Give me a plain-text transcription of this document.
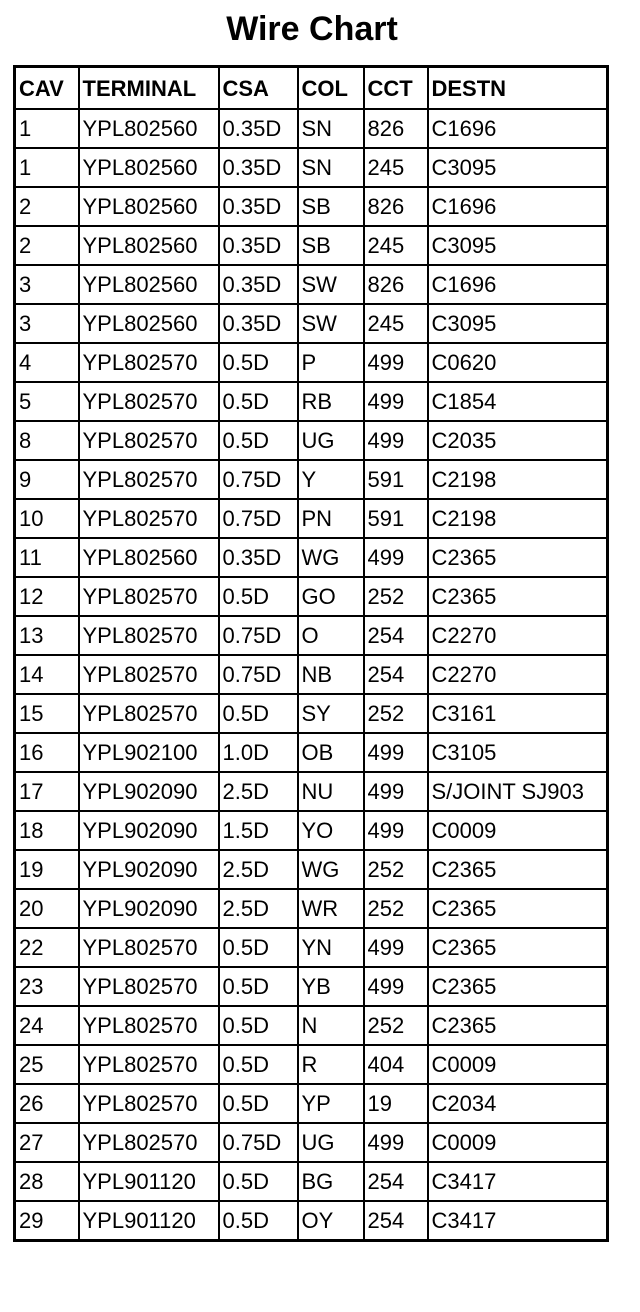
Wire Chart
CAV	TERMINAL	CSA	COL	CCT	DESTN
1	YPL802560	0.35D	SN	826	C1696
1	YPL802560	0.35D	SN	245	C3095
2	YPL802560	0.35D	SB	826	C1696
2	YPL802560	0.35D	SB	245	C3095
3	YPL802560	0.35D	SW	826	C1696
3	YPL802560	0.35D	SW	245	C3095
4	YPL802570	0.5D	P	499	C0620
5	YPL802570	0.5D	RB	499	C1854
8	YPL802570	0.5D	UG	499	C2035
9	YPL802570	0.75D	Y	591	C2198
10	YPL802570	0.75D	PN	591	C2198
11	YPL802560	0.35D	WG	499	C2365
12	YPL802570	0.5D	GO	252	C2365
13	YPL802570	0.75D	O	254	C2270
14	YPL802570	0.75D	NB	254	C2270
15	YPL802570	0.5D	SY	252	C3161
16	YPL902100	1.0D	OB	499	C3105
17	YPL902090	2.5D	NU	499	S/JOINT SJ903
18	YPL902090	1.5D	YO	499	C0009
19	YPL902090	2.5D	WG	252	C2365
20	YPL902090	2.5D	WR	252	C2365
22	YPL802570	0.5D	YN	499	C2365
23	YPL802570	0.5D	YB	499	C2365
24	YPL802570	0.5D	N	252	C2365
25	YPL802570	0.5D	R	404	C0009
26	YPL802570	0.5D	YP	19	C2034
27	YPL802570	0.75D	UG	499	C0009
28	YPL901120	0.5D	BG	254	C3417
29	YPL901120	0.5D	OY	254	C3417
